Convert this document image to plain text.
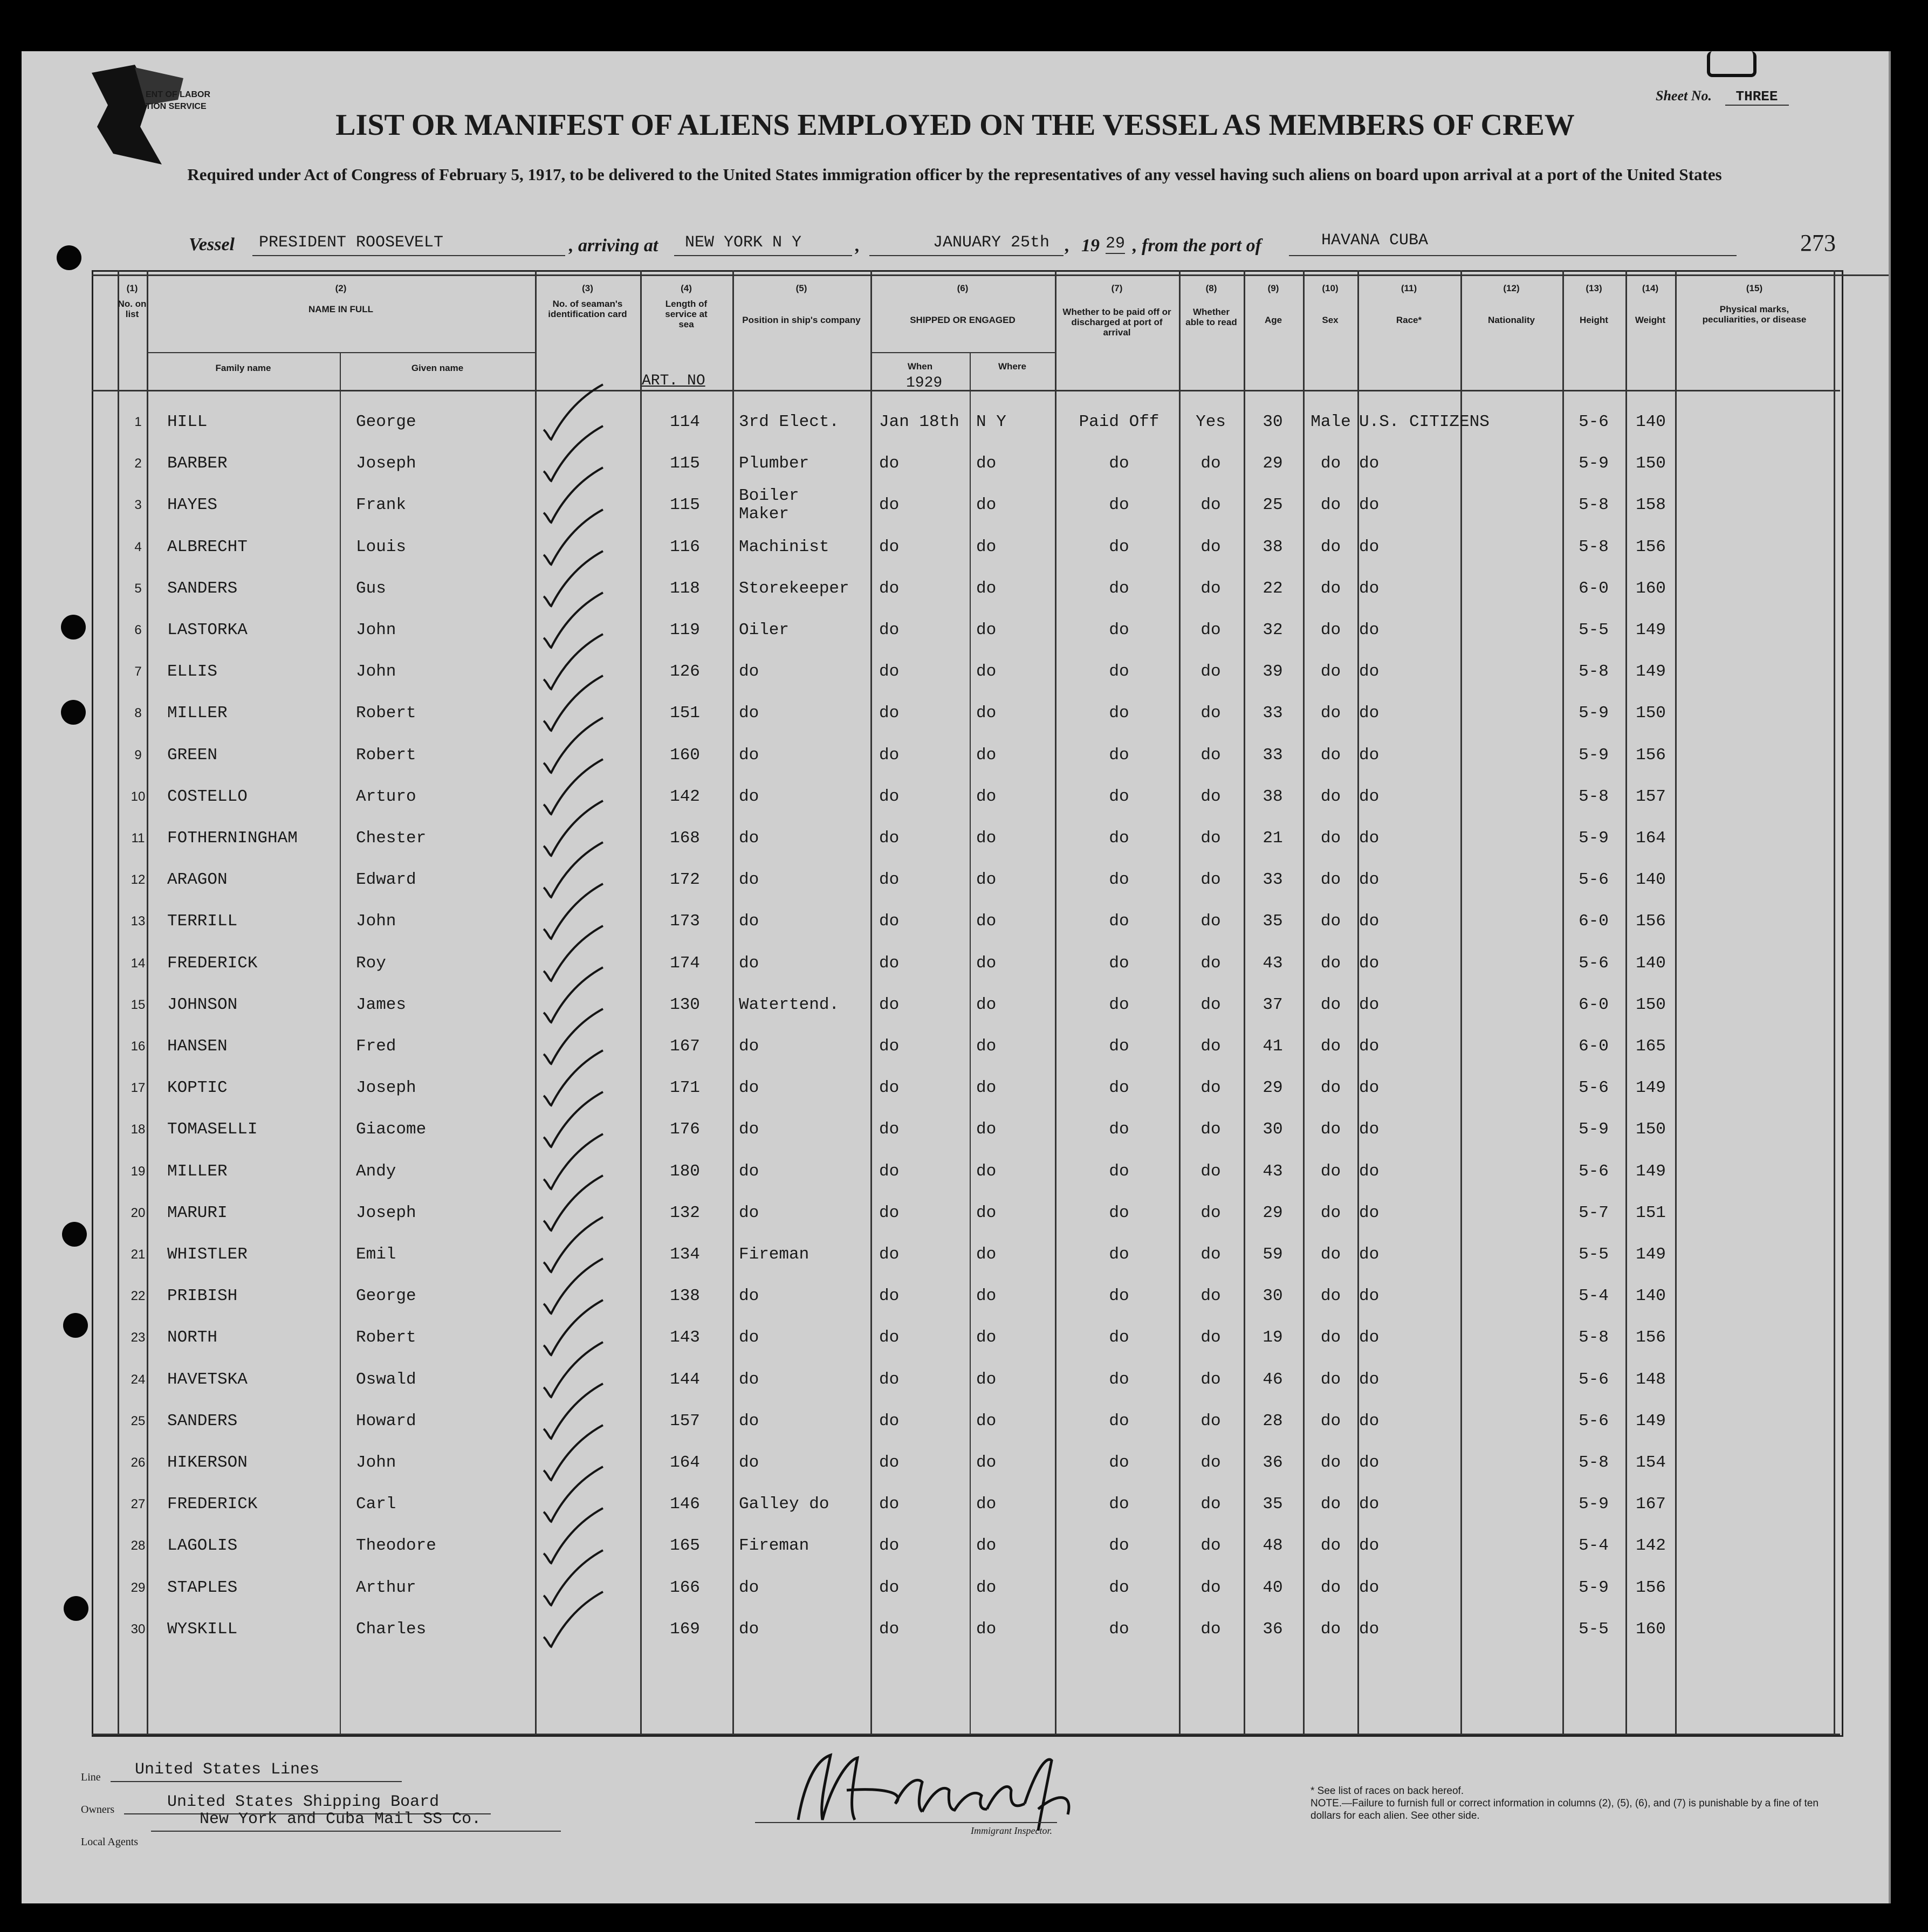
ENT OF LABOR
TION SERVICE
Sheet No. THREE
LIST OR MANIFEST OF ALIENS EMPLOYED ON THE VESSEL AS MEMBERS OF CREW
Required under Act of Congress of February 5, 1917, to be delivered to the United States immigration officer by the representatives of any vessel having such aliens on board upon arrival at a port of the United States
Vessel PRESIDENT ROOSEVELT	, arriving at NEW YORK N Y	,	JANUARY 25th , 19 29 , from the port of	HAVANA CUBA	273
(1)
No. on list
(2)
NAME IN FULL
Family name	Given name
(3)
No. of seaman's identification card
(4)
Length of service at sea
ART. NO
(5)
Position in ship's company
(6)
SHIPPED OR ENGAGED
When
1929
Where
(7)
Whether to be paid off or discharged at port of arrival
(8)
Whether able to read
(9)
Age
(10)
Sex
(11)
Race*
(12)
Nationality
(13)
Height
(14)
Weight
(15)
Physical marks, peculiarities, or disease
1	HILL	George	114	3rd Elect.	Jan 18th	N Y	Paid Off	Yes	30	Male U.S. CITIZENS	5-6	140
2	BARBER	Joseph	115	Plumber	do	do	do	do	29	do	do	5-9	150
3	HAYES	Frank	115	Boiler Maker	do	do	do	do	25	do	do	5-8	158
4	ALBRECHT	Louis	116	Machinist	do	do	do	do	38	do	do	5-8	156
5	SANDERS	Gus	118	Storekeeper	do	do	do	do	22	do	do	6-0	160
6	LASTORKA	John	119	Oiler	do	do	do	do	32	do	do	5-5	149
7	ELLIS	John	126	do	do	do	do	do	39	do	do	5-8	149
8	MILLER	Robert	151	do	do	do	do	do	33	do	do	5-9	150
9	GREEN	Robert	160	do	do	do	do	do	33	do	do	5-9	156
10 COSTELLO	Arturo	142	do	do	do	do	do	38	do	do	5-8	157
11 FOTHERNINGHAM	Chester	168	do	do	do	do	do	21	do	do	5-9	164
12 ARAGON	Edward	172	do	do	do	do	do	33	do	do	5-6	140
13 TERRILL	John	173	do	do	do	do	do	35	do	do	6-0	156
14 FREDERICK	Roy	174	do	do	do	do	do	43	do	do	5-6	140
15 JOHNSON	James	130	Watertend.	do	do	do	do	37	do	do	6-0	150
16 HANSEN	Fred	167	do	do	do	do	do	41	do	do	6-0	165
17 KOPTIC	Joseph	171	do	do	do	do	do	29	do	do	5-6	149
18 TOMASELLI	Giacome	176	do	do	do	do	do	30	do	do	5-9	150
19 MILLER	Andy	180	do	do	do	do	do	43	do	do	5-6	149
20 MARURI	Joseph	132	do	do	do	do	do	29	do	do	5-7	151
21 WHISTLER	Emil	134	Fireman	do	do	do	do	59	do	do	5-5	149
22 PRIBISH	George	138	do	do	do	do	do	30	do	do	5-4	140
23 NORTH	Robert	143	do	do	do	do	do	19	do	do	5-8	156
24 HAVETSKA	Oswald	144	do	do	do	do	do	46	do	do	5-6	148
25 SANDERS	Howard	157	do	do	do	do	do	28	do	do	5-6	149
26 HIKERSON	John	164	do	do	do	do	do	36	do	do	5-8	154
27 FREDERICK	Carl	146	Galley do	do	do	do	do	35	do	do	5-9	167
28 LAGOLIS	Theodore	165	Fireman	do	do	do	do	48	do	do	5-4	142
29 STAPLES	Arthur	166	do	do	do	do	do	40	do	do	5-9	156
30 WYSKILL	Charles	169	do	do	do	do	do	36	do	do	5-5	160
Line United States Lines
Owners	United States Shipping Board
Local Agents
New York and Cuba Mail SS Co.
Immigrant Inspector.
* See list of races on back hereof.
NOTE.—Failure to furnish full or correct information in columns (2), (5), (6), and (7) is punishable by a fine of ten dollars for each alien. See other side.
